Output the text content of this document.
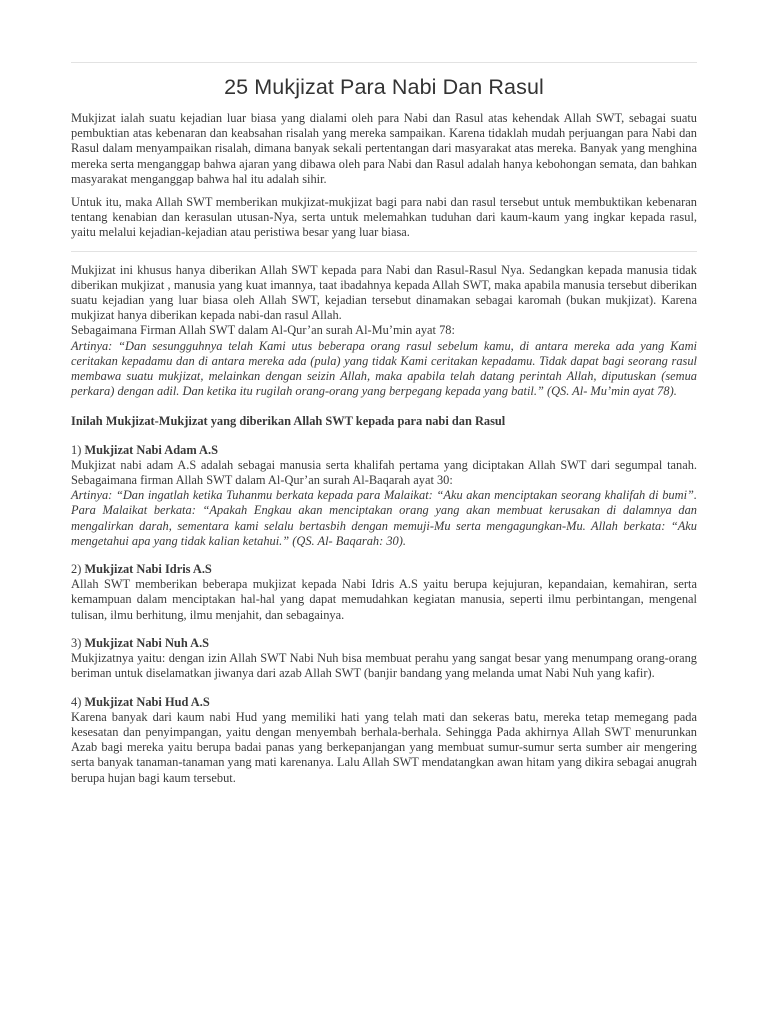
25 Mukjizat Para Nabi Dan Rasul

Mukjizat ialah suatu kejadian luar biasa yang dialami oleh para Nabi dan Rasul atas kehendak Allah SWT, sebagai suatu pembuktian atas kebenaran dan keabsahan risalah yang mereka sampaikan. Karena tidaklah mudah perjuangan para Nabi dan Rasul dalam menyampaikan risalah, dimana banyak sekali pertentangan dari masyarakat atas mereka. Banyak yang menghina mereka serta menganggap bahwa ajaran yang dibawa oleh para Nabi dan Rasul adalah hanya kebohongan semata, dan bahkan masyarakat menganggap bahwa hal itu adalah sihir.

Untuk itu, maka Allah SWT memberikan mukjizat-mukjizat bagi para nabi dan rasul tersebut untuk membuktikan kebenaran tentang kenabian dan kerasulan utusan-Nya, serta untuk melemahkan tuduhan dari kaum-kaum yang ingkar kepada rasul, yaitu melalui kejadian-kejadian atau peristiwa besar yang luar biasa.

Mukjizat ini khusus hanya diberikan Allah SWT kepada para Nabi dan Rasul-Rasul Nya. Sedangkan kepada manusia tidak diberikan mukjizat , manusia yang kuat imannya, taat ibadahnya kepada Allah SWT, maka apabila manusia tersebut diberikan suatu kejadian yang luar biasa oleh Allah SWT, kejadian tersebut dinamakan sebagai karomah (bukan mukjizat). Karena mukjizat hanya diberikan kepada nabi-dan rasul Allah.

Sebagaimana Firman Allah SWT dalam Al-Qur’an surah Al-Mu’min ayat 78:

Artinya: “Dan sesungguhnya telah Kami utus beberapa orang rasul sebelum kamu, di antara mereka ada yang Kami ceritakan kepadamu dan di antara mereka ada (pula) yang tidak Kami ceritakan kepadamu. Tidak dapat bagi seorang rasul membawa suatu mukjizat, melainkan dengan seizin Allah, maka apabila telah datang perintah Allah, diputuskan (semua perkara) dengan adil. Dan ketika itu rugilah orang-orang yang berpegang kepada yang batil.” (QS. Al- Mu’min ayat 78).

Inilah Mukjizat-Mukjizat yang diberikan Allah SWT kepada para nabi dan Rasul

1) Mukjizat Nabi Adam A.S

Mukjizat nabi adam A.S adalah sebagai manusia serta khalifah pertama yang diciptakan Allah SWT dari segumpal tanah. Sebagaimana firman Allah SWT dalam Al-Qur’an surah Al-Baqarah ayat 30:

Artinya: “Dan ingatlah ketika Tuhanmu berkata kepada para Malaikat: “Aku akan menciptakan seorang khalifah di bumi”. Para Malaikat berkata: “Apakah Engkau akan menciptakan orang yang akan membuat kerusakan di dalamnya dan mengalirkan darah, sementara kami selalu bertasbih dengan memuji-Mu serta mengagungkan-Mu. Allah berkata: “Aku mengetahui apa yang tidak kalian ketahui.” (QS. Al- Baqarah: 30).

2) Mukjizat Nabi Idris A.S

Allah SWT memberikan beberapa mukjizat kepada Nabi Idris A.S yaitu berupa kejujuran, kepandaian, kemahiran, serta kemampuan dalam menciptakan hal-hal yang dapat memudahkan kegiatan manusia, seperti ilmu perbintangan, mengenal tulisan, ilmu berhitung, ilmu menjahit, dan sebagainya.

3) Mukjizat Nabi Nuh A.S

Mukjizatnya yaitu: dengan izin Allah SWT Nabi Nuh bisa membuat perahu yang sangat besar yang menumpang orang-orang beriman untuk diselamatkan jiwanya dari azab Allah SWT (banjir bandang yang melanda umat Nabi Nuh yang kafir).

4) Mukjizat Nabi Hud A.S

Karena banyak dari kaum nabi Hud yang memiliki hati yang telah mati dan sekeras batu, mereka tetap memegang pada kesesatan dan penyimpangan, yaitu dengan menyembah berhala-berhala. Sehingga Pada akhirnya Allah SWT menurunkan Azab bagi mereka yaitu berupa badai panas yang berkepanjangan yang membuat sumur-sumur serta sumber air mengering serta banyak tanaman-tanaman yang mati karenanya. Lalu Allah SWT mendatangkan awan hitam yang dikira sebagai anugrah berupa hujan bagi kaum tersebut.
